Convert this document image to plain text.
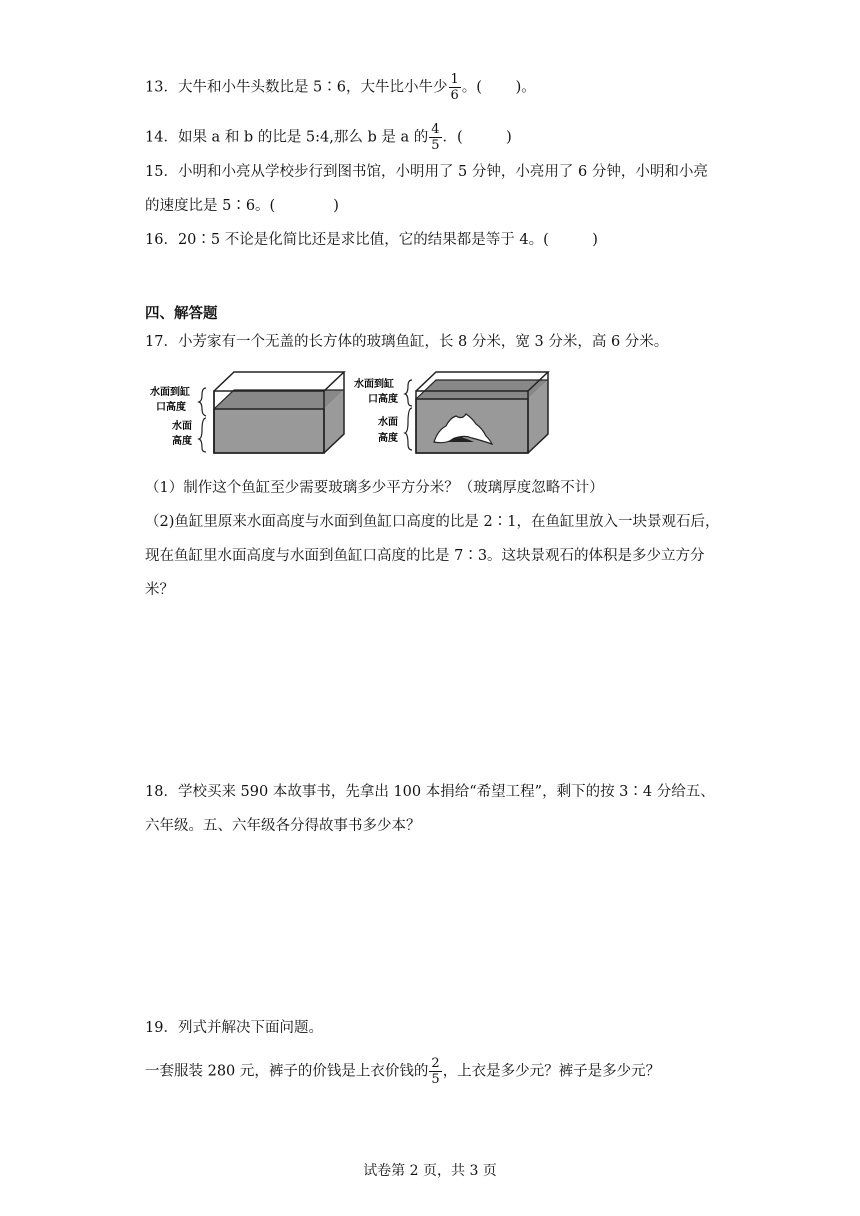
13．大牛和小牛头数比是 5∶6，大牛比小牛少 $\frac{1}{6}$ 。(　　 )。
14．如果 a 和 b 的比是 5:4,那么 b 是 a 的 $\frac{4}{5}$ ．(　　　)
15．小明和小亮从学校步行到图书馆，小明用了 5 分钟，小亮用了 6 分钟，小明和小亮
的速度比是 5∶6。(　　　　)
16．20∶5 不论是化简比还是求比值，它的结果都是等于 4。(　　　)
四、解答题
17．小芳家有一个无盖的长方体的玻璃鱼缸，长 8 分米，宽 3 分米，高 6 分米。
水面到缸
口高度
水面
高度
水面到缸
口高度
水面
高度
（1）制作这个鱼缸至少需要玻璃多少平方分米？（玻璃厚度忽略不计）
（2)鱼缸里原来水面高度与水面到鱼缸口高度的比是 2∶1，在鱼缸里放入一块景观石后，
现在鱼缸里水面高度与水面到鱼缸口高度的比是 7∶3。这块景观石的体积是多少立方分
米？
18．学校买来 590 本故事书，先拿出 100 本捐给“希望工程”，剩下的按 3∶4 分给五、
六年级。五、六年级各分得故事书多少本？
19．列式并解决下面问题。
一套服装 280 元，裤子的价钱是上衣价钱的 $\frac{2}{5}$ ，上衣是多少元？裤子是多少元？
试卷第 2 页，共 3 页
